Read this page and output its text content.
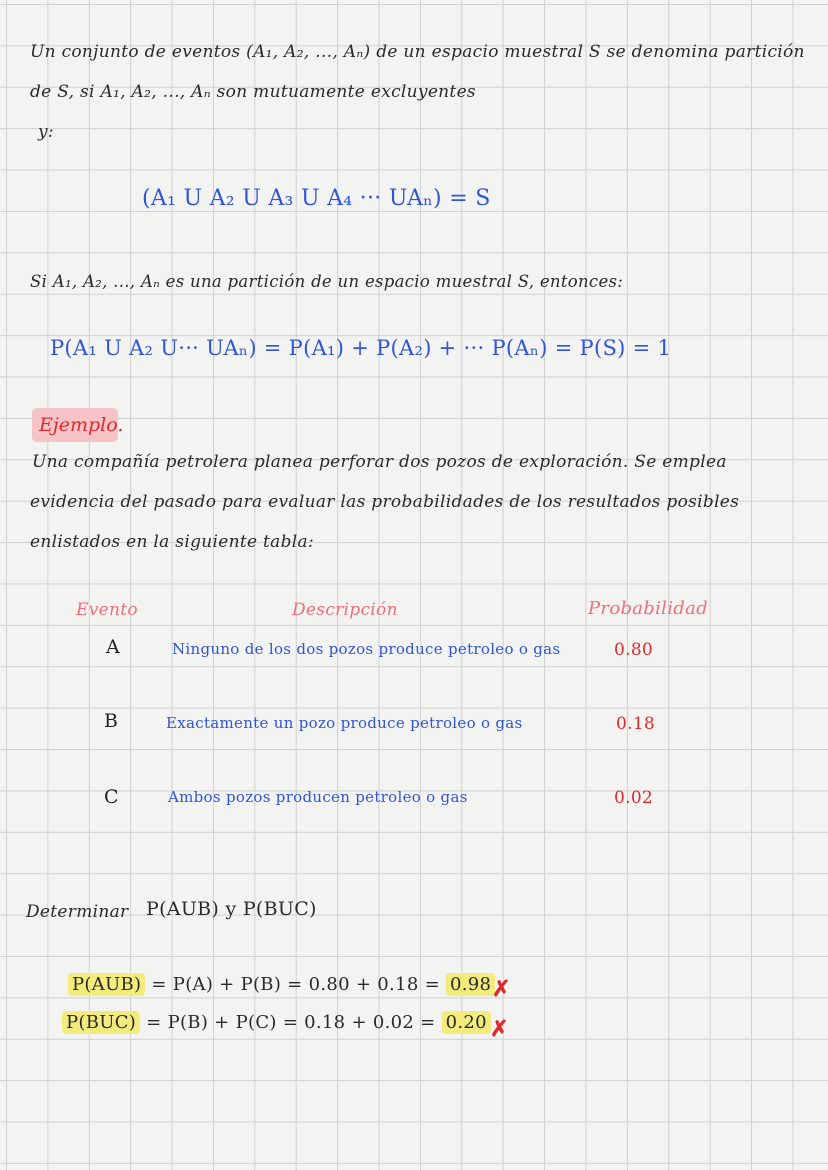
Un conjunto de eventos (A₁, A₂, ..., Aₙ) de un espacio muestral S se denomina partición
de S, si A₁, A₂, ..., Aₙ son mutuamente excluyentes
y:
(A₁ U A₂ U A₃ U A₄ ··· UAₙ) = S
Si A₁, A₂, ..., Aₙ es una partición de un espacio muestral S, entonces:
P(A₁ U A₂ U··· UAₙ) = P(A₁) + P(A₂) + ··· P(Aₙ) = P(S) = 1
Ejemplo.
Una compañía petrolera planea perforar dos pozos de exploración. Se emplea
evidencia del pasado para evaluar las probabilidades de los resultados posibles
enlistados en la siguiente tabla:
Evento	Descripción	Probabilidad
A	Ninguno de los dos pozos produce petroleo o gas	0.80
B	Exactamente un pozo produce petroleo o gas	0.18
C	Ambos pozos producen petroleo o gas	0.02
Determinar P(AUB) y P(BUC)
P(AUB) = P(A) + P(B) = 0.80 + 0.18 = 0.98 ✗
P(BUC) = P(B) + P(C) = 0.18 + 0.02 = 0.20 ✗
